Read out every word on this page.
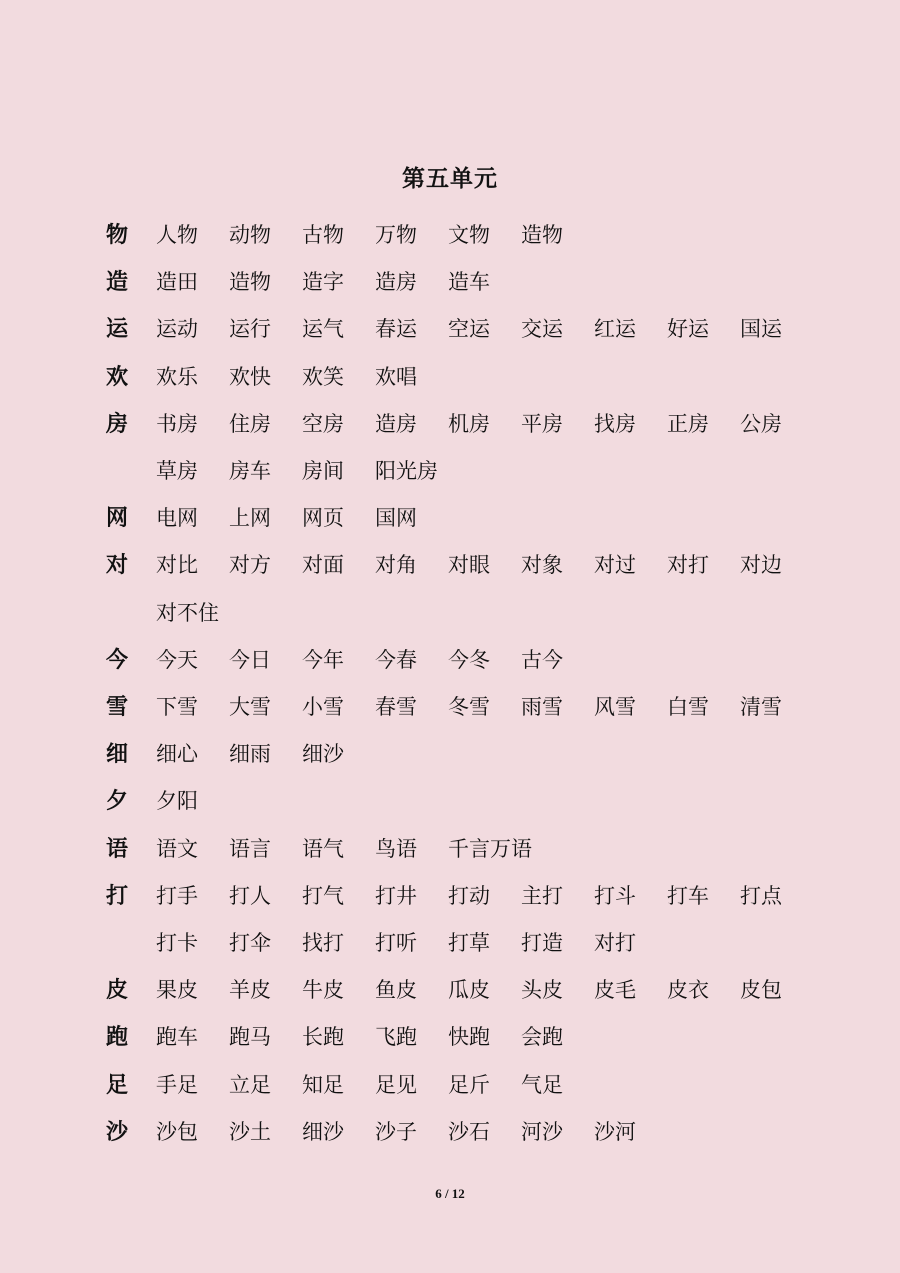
第五单元
物	人物	动物	古物	万物	文物	造物
造	造田	造物	造字	造房	造车
运	运动	运行	运气	春运	空运	交运	红运	好运	国运
欢	欢乐	欢快	欢笑	欢唱
房	书房	住房	空房	造房	机房	平房	找房	正房	公房
草房	房车	房间	阳光房
网	电网	上网	网页	国网
对	对比	对方	对面	对角	对眼	对象	对过	对打	对边
对不住
今	今天	今日	今年	今春	今冬	古今
雪	下雪	大雪	小雪	春雪	冬雪	雨雪	风雪	白雪	清雪
细	细心	细雨	细沙
夕	夕阳
语	语文	语言	语气	鸟语	千言万语
打	打手	打人	打气	打井	打动	主打	打斗	打车	打点
打卡	打伞	找打	打听	打草	打造	对打
皮	果皮	羊皮	牛皮	鱼皮	瓜皮	头皮	皮毛	皮衣	皮包
跑	跑车	跑马	长跑	飞跑	快跑	会跑
足	手足	立足	知足	足见	足斤	气足
沙	沙包	沙土	细沙	沙子	沙石	河沙	沙河
6 / 12
